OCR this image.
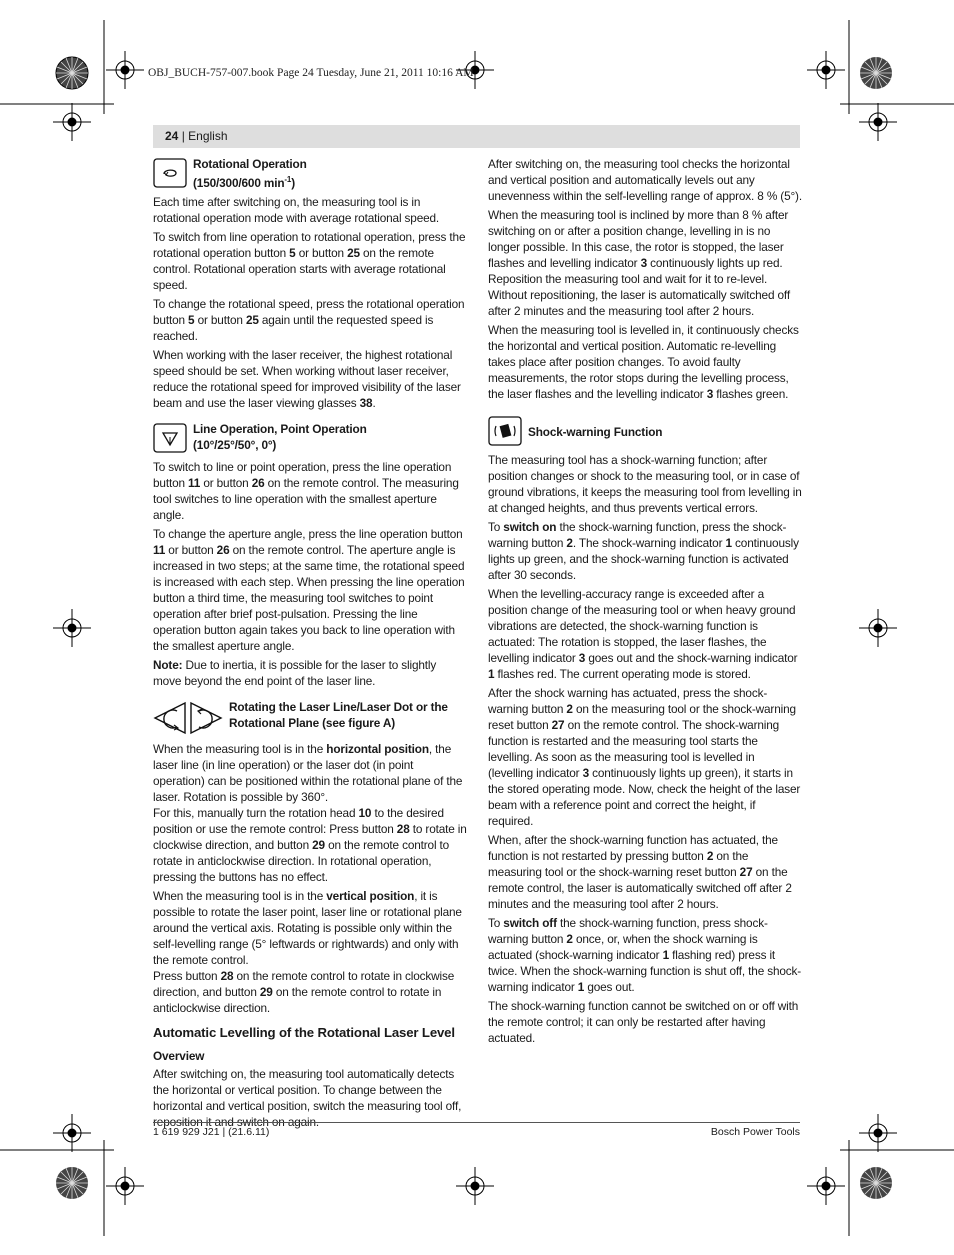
OBJ_BUCH-757-007.book Page 24 Tuesday, June 21, 2011 10:16 AM
24 | English
Rotational Operation
(150/300/600 $\min^{-1}$)

Each time after switching on, the measuring tool is in rotational operation mode with average rotational speed.

To switch from line operation to rotational operation, press the rotational operation button 5 or button 25 on the remote control. Rotational operation starts with average rotational speed.

To change the rotational speed, press the rotational operation button 5 or button 25 again until the requested speed is reached.

When working with the laser receiver, the highest rotational speed should be set. When working without laser receiver, reduce the rotational speed for improved visibility of the laser beam and use the laser viewing glasses 38.

Line Operation, Point Operation
(10°/25°/50°, 0°)

To switch to line or point operation, press the line operation button 11 or button 26 on the remote control. The measuring tool switches to line operation with the smallest aperture angle.

To change the aperture angle, press the line operation button 11 or button 26 on the remote control. The aperture angle is increased in two steps; at the same time, the rotational speed is increased with each step. When pressing the line operation button a third time, the measuring tool switches to point operation after brief post-pulsation. Pressing the line operation button again takes you back to line operation with the smallest aperture angle.

Note: Due to inertia, it is possible for the laser to slightly move beyond the end point of the laser line.

Rotating the Laser Line/Laser Dot or the
Rotational Plane (see figure A)

When the measuring tool is in the horizontal position, the laser line (in line operation) or the laser dot (in point operation) can be positioned within the rotational plane of the laser. Rotation is possible by 360°.

For this, manually turn the rotation head 10 to the desired position or use the remote control: Press button 28 to rotate in clockwise direction, and button 29 on the remote control to rotate in anticlockwise direction. In rotational operation, pressing the buttons has no effect.

When the measuring tool is in the vertical position, it is possible to rotate the laser point, laser line or rotational plane around the vertical axis. Rotating is possible only within the self-levelling range (5° leftwards or rightwards) and only with the remote control.

Press button 28 on the remote control to rotate in clockwise direction, and button 29 on the remote control to rotate in anticlockwise direction.

Automatic Levelling of the Rotational Laser Level
Overview

After switching on, the measuring tool automatically detects the horizontal or vertical position. To change between the horizontal and vertical position, switch the measuring tool off, reposition it and switch on again.

After switching on, the measuring tool checks the horizontal and vertical position and automatically levels out any unevenness within the self-levelling range of approx. 8 % (5°).

When the measuring tool is inclined by more than 8 % after switching on or after a position change, levelling in is no longer possible. In this case, the rotor is stopped, the laser flashes and levelling indicator 3 continuously lights up red. Reposition the measuring tool and wait for it to re-level. Without repositioning, the laser is automatically switched off after 2 minutes and the measuring tool after 2 hours.

When the measuring tool is levelled in, it continuously checks the horizontal and vertical position. Automatic re-levelling takes place after position changes. To avoid faulty measurements, the rotor stops during the levelling process, the laser flashes and the levelling indicator 3 flashes green.

Shock-warning Function

The measuring tool has a shock-warning function; after position changes or shock to the measuring tool, or in case of ground vibrations, it keeps the measuring tool from levelling in at changed heights, and thus prevents vertical errors.

To switch on the shock-warning function, press the shock-warning button 2. The shock-warning indicator 1 continuously lights up green, and the shock-warning function is activated after 30 seconds.

When the levelling-accuracy range is exceeded after a position change of the measuring tool or when heavy ground vibrations are detected, the shock-warning function is actuated: The rotation is stopped, the laser flashes, the levelling indicator 3 goes out and the shock-warning indicator 1 flashes red. The current operating mode is stored.

After the shock warning has actuated, press the shock-warning button 2 on the measuring tool or the shock-warning reset button 27 on the remote control. The shock-warning function is restarted and the measuring tool starts the levelling. As soon as the measuring tool is levelled in (levelling indicator 3 continuously lights up green), it starts in the stored operating mode. Now, check the height of the laser beam with a reference point and correct the height, if required.

When, after the shock-warning function has actuated, the function is not restarted by pressing button 2 on the measuring tool or the shock-warning reset button 27 on the remote control, the laser is automatically switched off after 2 minutes and the measuring tool after 2 hours.

To switch off the shock-warning function, press shock-warning button 2 once, or, when the shock warning is actuated (shock-warning indicator 1 flashing red) press it twice. When the shock-warning function is shut off, the shock-warning indicator 1 goes out.

The shock-warning function cannot be switched on or off with the remote control; it can only be restarted after having actuated.

1 619 929 J21 | (21.6.11)	Bosch Power Tools
